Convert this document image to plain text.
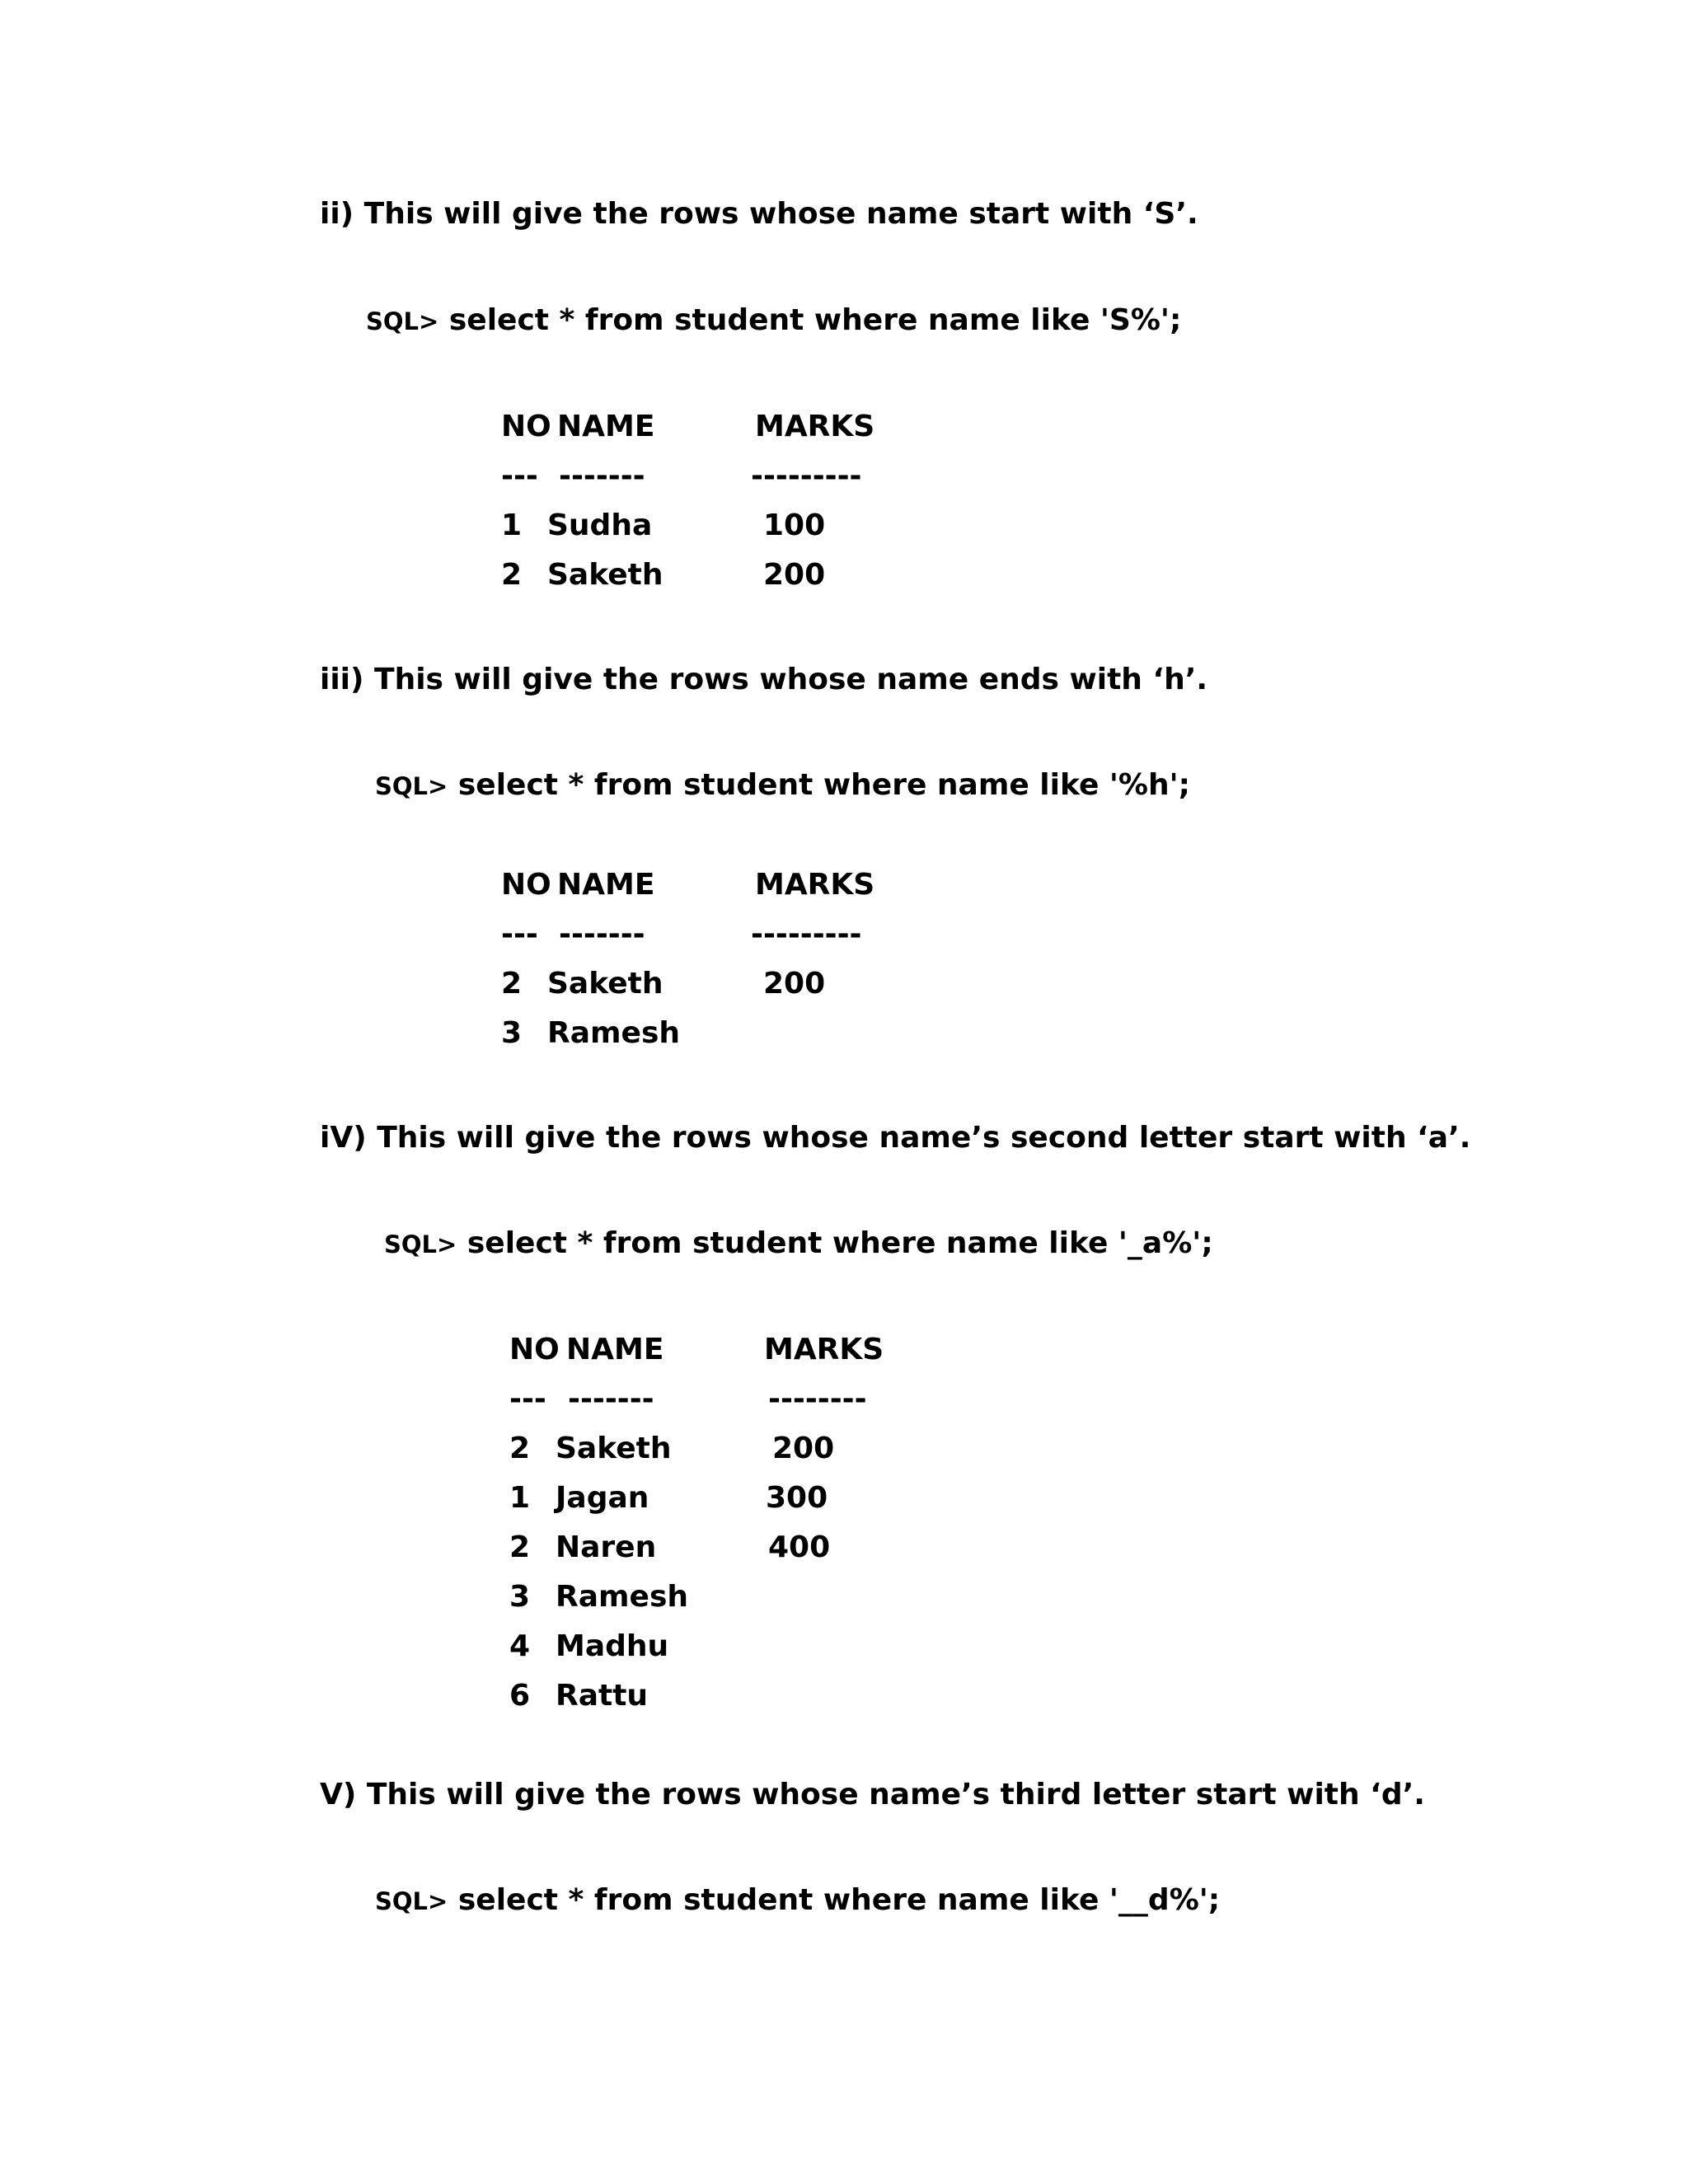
ii) This will give the rows whose name start with ‘S’.
SQL> select * from student where name like 'S%';
NO NAME	MARKS
--- -------	---------
1 Sudha	100
2 Saketh	200
iii) This will give the rows whose name ends with ‘h’.
SQL> select * from student where name like '%h';
NO NAME	MARKS
--- -------	---------
2 Saketh	200
3 Ramesh
iV) This will give the rows whose name’s second letter start with ‘a’.
SQL> select * from student where name like '_a%';
NO NAME	MARKS
--- -------	--------
2 Saketh	200
1 Jagan	300
2 Naren	400
3 Ramesh
4 Madhu
6 Rattu
V) This will give the rows whose name’s third letter start with ‘d’.
SQL> select * from student where name like '__d%';
